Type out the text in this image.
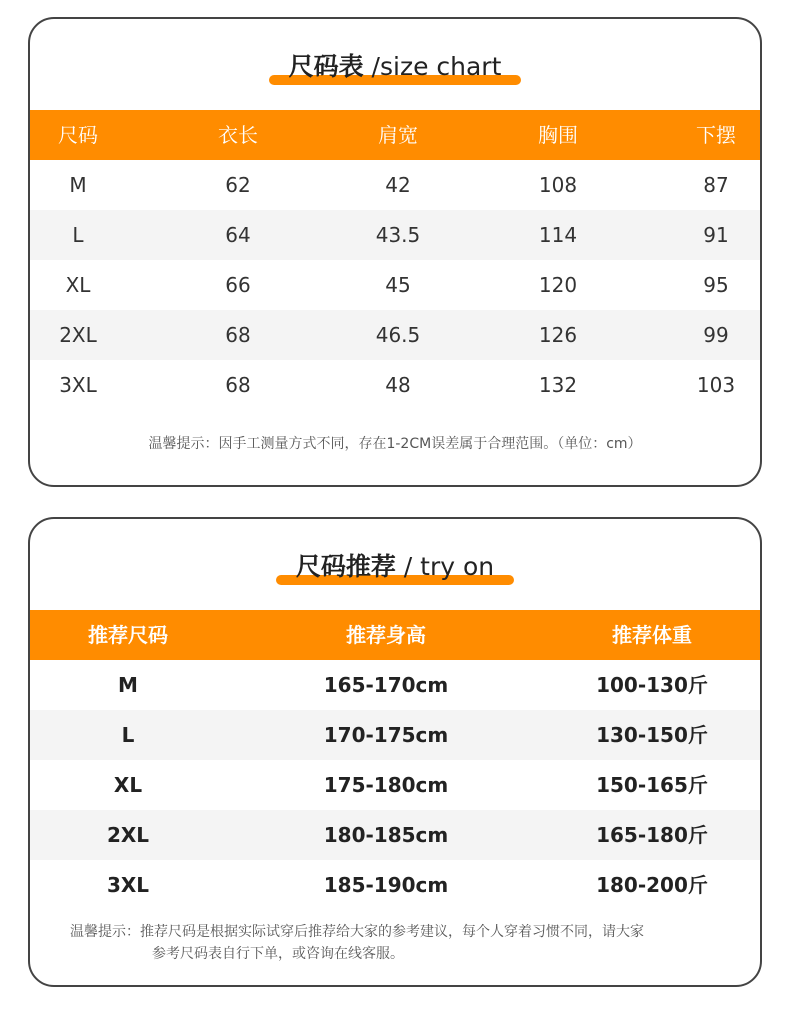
尺码表 /size chart
尺码	衣长	肩宽	胸围	下摆
M	62	42	108	87
L	64	43.5	114	91
XL	66	45	120	95
2XL	68	46.5	126	99
3XL	68	48	132	103
温馨提示：因手工测量方式不同，存在1-2CM误差属于合理范围。（单位：cm）
尺码推荐 / try on
推荐尺码	推荐身高	推荐体重
M	165-170cm	100-130斤
L	170-175cm	130-150斤
XL	175-180cm	150-165斤
2XL	180-185cm	165-180斤
3XL	185-190cm	180-200斤
温馨提示：推荐尺码是根据实际试穿后推荐给大家的参考建议，每个人穿着习惯不同，请大家
参考尺码表自行下单，或咨询在线客服。
